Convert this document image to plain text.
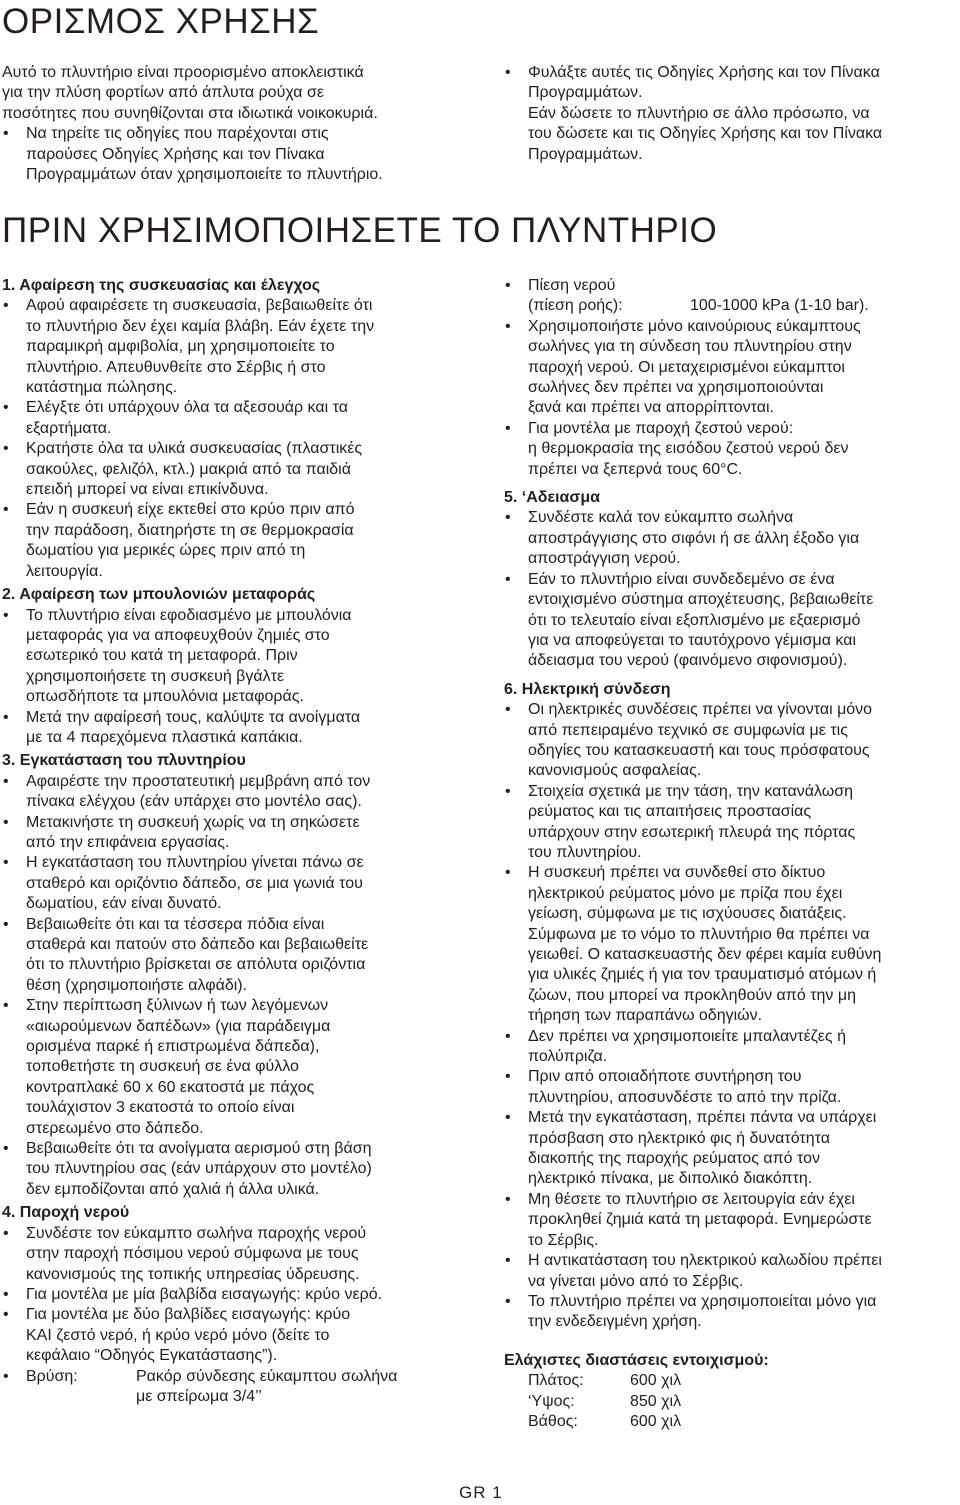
ΟΡΙΣΜΟΣ ΧΡΗΣΗΣ
Αυτό το πλυντήριο είναι προορισμένο αποκλειστικά
για την πλύση φορτίων από άπλυτα ρούχα σε
ποσότητες που συνηθίζονται στα ιδιωτικά νοικοκυριά.
• Να τηρείτε τις οδηγίες που παρέχονται στις
παρούσες Οδηγίες Χρήσης και τον Πίνακα
Προγραμμάτων όταν χρησιμοποιείτε το πλυντήριο.
• Φυλάξτε αυτές τις Οδηγίες Χρήσης και τον Πίνακα
Προγραμμάτων.
Εάν δώσετε το πλυντήριο σε άλλο πρόσωπο, να
του δώσετε και τις Οδηγίες Χρήσης και τον Πίνακα
Προγραμμάτων.
ΠΡΙΝ ΧΡΗΣΙΜΟΠΟΙΗΣΕΤΕ ΤΟ ΠΛΥΝΤΗΡΙΟ
1. Αφαίρεση της συσκευασίας και έλεγχος
• Αφού αφαιρέσετε τη συσκευασία, βεβαιωθείτε ότι
το πλυντήριο δεν έχει καμία βλάβη. Εάν έχετε την
παραμικρή αμφιβολία, μη χρησιμοποιείτε το
πλυντήριο. Απευθυνθείτε στο Σέρβις ή στο
κατάστημα πώλησης.
• Ελέγξτε ότι υπάρχουν όλα τα αξεσουάρ και τα
εξαρτήματα.
• Κρατήστε όλα τα υλικά συσκευασίας (πλαστικές
σακούλες, φελιζόλ, κτλ.) μακριά από τα παιδιά
επειδή μπορεί να είναι επικίνδυνα.
• Εάν η συσκευή είχε εκτεθεί στο κρύο πριν από
την παράδοση, διατηρήστε τη σε θερμοκρασία
δωματίου για μερικές ώρες πριν από τη
λειτουργία.
2. Αφαίρεση των μπουλονιών μεταφοράς
• Το πλυντήριο είναι εφοδιασμένο με μπουλόνια
μεταφοράς για να αποφευχθούν ζημιές στο
εσωτερικό του κατά τη μεταφορά. Πριν
χρησιμοποιήσετε τη συσκευή βγάλτε
οπωσδήποτε τα μπουλόνια μεταφοράς.
• Μετά την αφαίρεσή τους, καλύψτε τα ανοίγματα
με τα 4 παρεχόμενα πλαστικά καπάκια.
3. Εγκατάσταση του πλυντηρίου
• Αφαιρέστε την προστατευτική μεμβράνη από τον
πίνακα ελέγχου (εάν υπάρχει στο μοντέλο σας).
• Μετακινήστε τη συσκευή χωρίς να τη σηκώσετε
από την επιφάνεια εργασίας.
• Η εγκατάσταση του πλυντηρίου γίνεται πάνω σε
σταθερό και οριζόντιο δάπεδο, σε μια γωνιά του
δωματίου, εάν είναι δυνατό.
• Βεβαιωθείτε ότι και τα τέσσερα πόδια είναι
σταθερά και πατούν στο δάπεδο και βεβαιωθείτε
ότι το πλυντήριο βρίσκεται σε απόλυτα οριζόντια
θέση (χρησιμοποιήστε αλφάδι).
• Στην περίπτωση ξύλινων ή των λεγόμενων
«αιωρούμενων δαπέδων» (για παράδειγμα
ορισμένα παρκέ ή επιστρωμένα δάπεδα),
τοποθετήστε τη συσκευή σε ένα φύλλο
κοντραπλακέ 60 x 60 εκατοστά με πάχος
τουλάχιστον 3 εκατοστά το οποίο είναι
στερεωμένο στο δάπεδο.
• Βεβαιωθείτε ότι τα ανοίγματα αερισμού στη βάση
του πλυντηρίου σας (εάν υπάρχουν στο μοντέλο)
δεν εμποδίζονται από χαλιά ή άλλα υλικά.
4. Παροχή νερού
• Συνδέστε τον εύκαμπτο σωλήνα παροχής νερού
στην παροχή πόσιμου νερού σύμφωνα με τους
κανονισμούς της τοπικής υπηρεσίας ύδρευσης.
• Για μοντέλα με μία βαλβίδα εισαγωγής: κρύο νερό.
• Για μοντέλα με δύο βαλβίδες εισαγωγής: κρύο
ΚΑΙ ζεστό νερό, ή κρύο νερό μόνο (δείτε το
κεφάλαιο “Οδηγός Εγκατάστασης”).
• Βρύση:	Ρακόρ σύνδεσης εύκαμπτου σωλήνα
με σπείρωμα 3/4’’
• Πίεση νερού
(πίεση ροής):	100-1000 kPa (1-10 bar).
• Χρησιμοποιήστε μόνο καινούριους εύκαμπτους
σωλήνες για τη σύνδεση του πλυντηρίου στην
παροχή νερού. Οι μεταχειρισμένοι εύκαμπτοι
σωλήνες δεν πρέπει να χρησιμοποιούνται
ξανά και πρέπει να απορρίπτονται.
• Για μοντέλα με παροχή ζεστού νερού:
η θερμοκρασία της εισόδου ζεστού νερού δεν
πρέπει να ξεπερνά τους 60°C.
5. ‘Αδειασμα
• Συνδέστε καλά τον εύκαμπτο σωλήνα
αποστράγγισης στο σιφόνι ή σε άλλη έξοδο για
αποστράγγιση νερού.
• Εάν το πλυντήριο είναι συνδεδεμένο σε ένα
εντοιχισμένο σύστημα αποχέτευσης, βεβαιωθείτε
ότι το τελευταίο είναι εξοπλισμένο με εξαερισμό
για να αποφεύγεται το ταυτόχρονο γέμισμα και
άδειασμα του νερού (φαινόμενο σιφονισμού).
6. Ηλεκτρική σύνδεση
• Οι ηλεκτρικές συνδέσεις πρέπει να γίνονται μόνο
από πεπειραμένο τεχνικό σε συμφωνία με τις
οδηγίες του κατασκευαστή και τους πρόσφατους
κανονισμούς ασφαλείας.
• Στοιχεία σχετικά με την τάση, την κατανάλωση
ρεύματος και τις απαιτήσεις προστασίας
υπάρχουν στην εσωτερική πλευρά της πόρτας
του πλυντηρίου.
• Η συσκευή πρέπει να συνδεθεί στο δίκτυο
ηλεκτρικού ρεύματος μόνο με πρίζα που έχει
γείωση, σύμφωνα με τις ισχύουσες διατάξεις.
Σύμφωνα με το νόμο το πλυντήριο θα πρέπει να
γειωθεί. Ο κατασκευαστής δεν φέρει καμία ευθύνη
για υλικές ζημιές ή για τον τραυματισμό ατόμων ή
ζώων, που μπορεί να προκληθούν από την μη
τήρηση των παραπάνω οδηγιών.
• Δεν πρέπει να χρησιμοποιείτε μπαλαντέζες ή
πολύπριζα.
• Πριν από οποιαδήποτε συντήρηση του
πλυντηρίου, αποσυνδέστε το από την πρίζα.
• Μετά την εγκατάσταση, πρέπει πάντα να υπάρχει
πρόσβαση στο ηλεκτρικό φις ή δυνατότητα
διακοπής της παροχής ρεύματος από τον
ηλεκτρικό πίνακα, με διπολικό διακόπτη.
• Μη θέσετε το πλυντήριο σε λειτουργία εάν έχει
προκληθεί ζημιά κατά τη μεταφορά. Ενημερώστε
το Σέρβις.
• Η αντικατάσταση του ηλεκτρικού καλωδίου πρέπει
να γίνεται μόνο από το Σέρβις.
• Το πλυντήριο πρέπει να χρησιμοποιείται μόνο για
την ενδεδειγμένη χρήση.
Ελάχιστες διαστάσεις εντοιχισμού:
Πλάτος:	600 χιλ
‘Υψος:	850 χιλ
Βάθος:	600 χιλ
GR 1
